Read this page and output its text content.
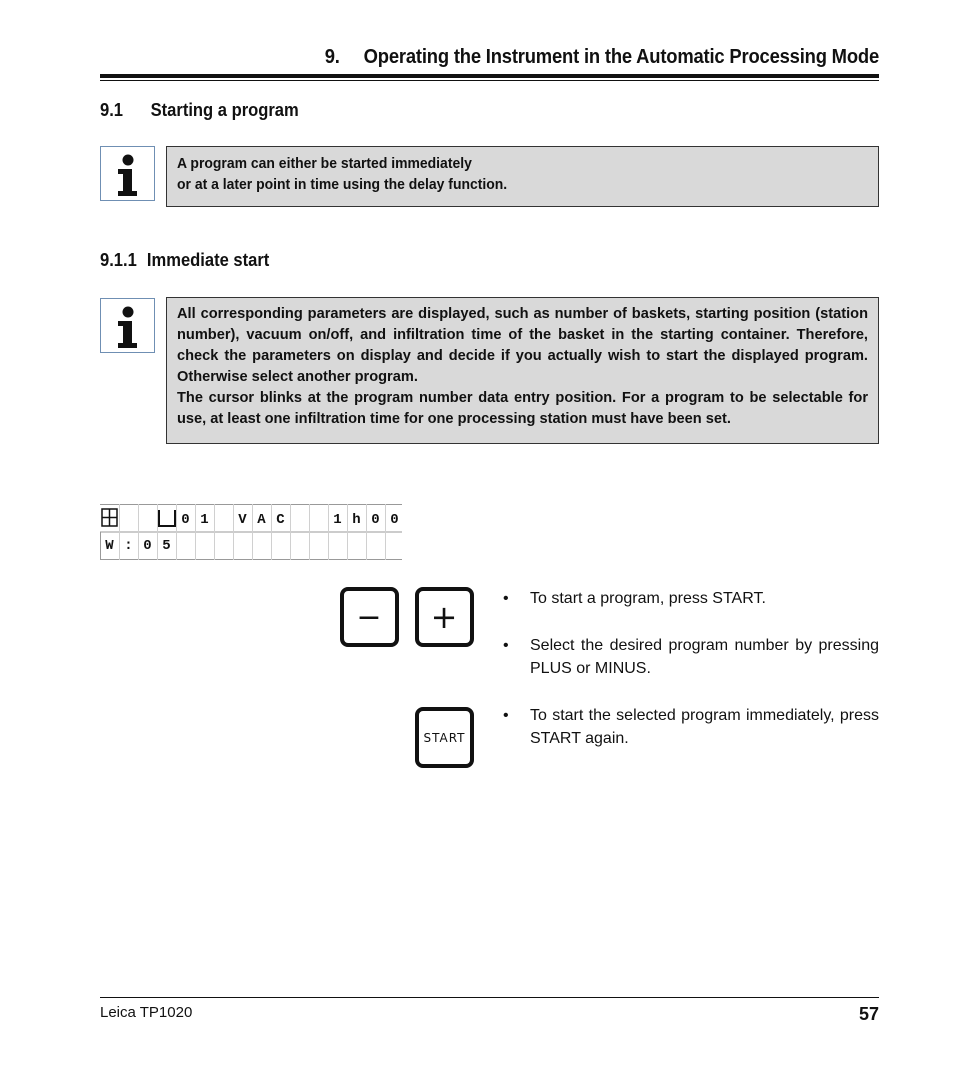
9. Operating the Instrument in the Automatic Processing Mode
9.1 Starting a program

A program can either be started immediately

or at a later point in time using the delay function.

9.1.1 Immediate start

All corresponding parameters are displayed, such as number of baskets, starting position (station number), vacuum on/off, and infiltration time of the basket in the starting container. Therefore, check the parameters on display and decide if you actually wish to start the displayed program. Otherwise select another program.

The cursor blinks at the program number data entry position. For a program to be selectable for use, at least one infiltration time for one processing station must have been set.

0 1	V A C	1 h 0 0
W : 0 5
−	+
START
• To start a program, press START.
• Select the desired program number by pressing PLUS or MINUS.
• To start the selected program immediately, press START again.
Leica TP1020	57
